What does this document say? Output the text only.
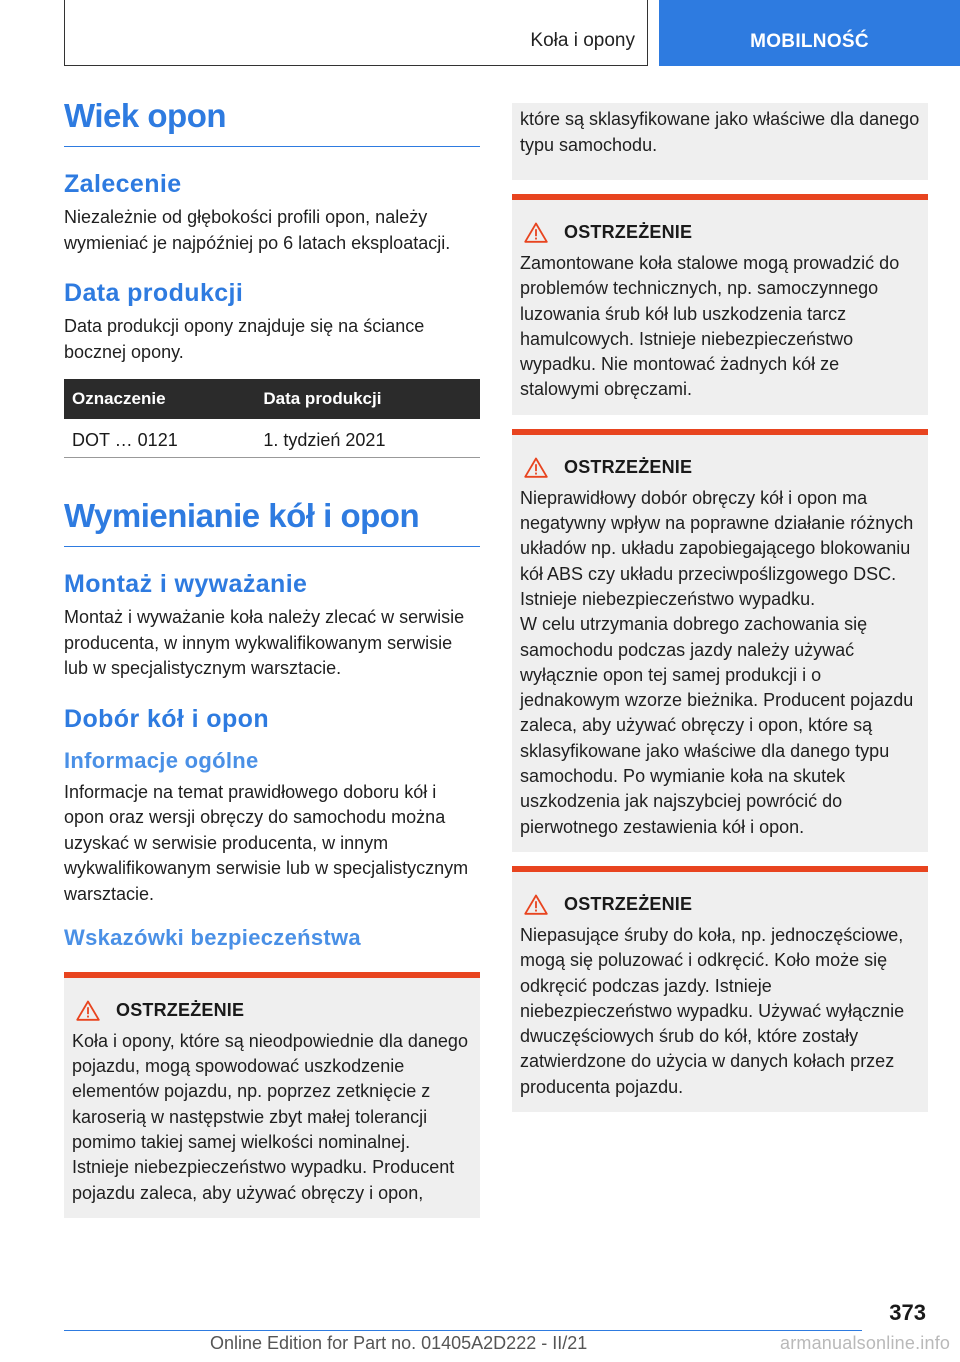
Koła i opony	MOBILNOŚĆ
Wiek opon
Zalecenie
Niezależnie od głębokości profili opon, należy wymieniać je najpóźniej po 6 latach eksploatacji.
Data produkcji
Data produkcji opony znajduje się na ściance bocznej opony.
Oznaczenie	Data produkcji
DOT … 0121	1. tydzień 2021
Wymienianie kół i opon
Montaż i wyważanie
Montaż i wyważanie koła należy zlecać w serwisie producenta, w innym wykwalifikowanym serwisie lub w specjalistycznym warsztacie.
Dobór kół i opon
Informacje ogólne
Informacje na temat prawidłowego doboru kół i opon oraz wersji obręczy do samochodu można uzyskać w serwisie producenta, w innym wykwalifikowanym serwisie lub w specjalistycznym warsztacie.
Wskazówki bezpieczeństwa
OSTRZEŻENIE
Koła i opony, które są nieodpowiednie dla danego pojazdu, mogą spowodować uszkodzenie elementów pojazdu, np. poprzez zetknięcie z karoserią w następstwie zbyt małej tolerancji pomimo takiej samej wielkości nominalnej. Istnieje niebezpieczeństwo wypadku. Producent pojazdu zaleca, aby używać obręczy i opon,
które są sklasyfikowane jako właściwe dla danego typu samochodu.
OSTRZEŻENIE
Zamontowane koła stalowe mogą prowadzić do problemów technicznych, np. samoczynnego luzowania śrub kół lub uszkodzenia tarcz hamulcowych. Istnieje niebezpieczeństwo wypadku. Nie montować żadnych kół ze stalowymi obręczami.
OSTRZEŻENIE
Nieprawidłowy dobór obręczy kół i opon ma negatywny wpływ na poprawne działanie różnych układów np. układu zapobiegającego blokowaniu kół ABS czy układu przeciwpoślizgowego DSC. Istnieje niebezpieczeństwo wypadku.
W celu utrzymania dobrego zachowania się samochodu podczas jazdy należy używać wyłącznie opon tej samej produkcji i o jednakowym wzorze bieżnika. Producent pojazdu zaleca, aby używać obręczy i opon, które są sklasyfikowane jako właściwe dla danego typu samochodu. Po wymianie koła na skutek uszkodzenia jak najszybciej powrócić do pierwotnego zestawienia kół i opon.
OSTRZEŻENIE
Niepasujące śruby do koła, np. jednoczęściowe, mogą się poluzować i odkręcić. Koło może się odkręcić podczas jazdy. Istnieje niebezpieczeństwo wypadku. Używać wyłącznie dwuczęściowych śrub do kół, które zostały zatwierdzone do użycia w danych kołach przez producenta pojazdu.
373
Online Edition for Part no. 01405A2D222 - II/21	armanualsonline.info
